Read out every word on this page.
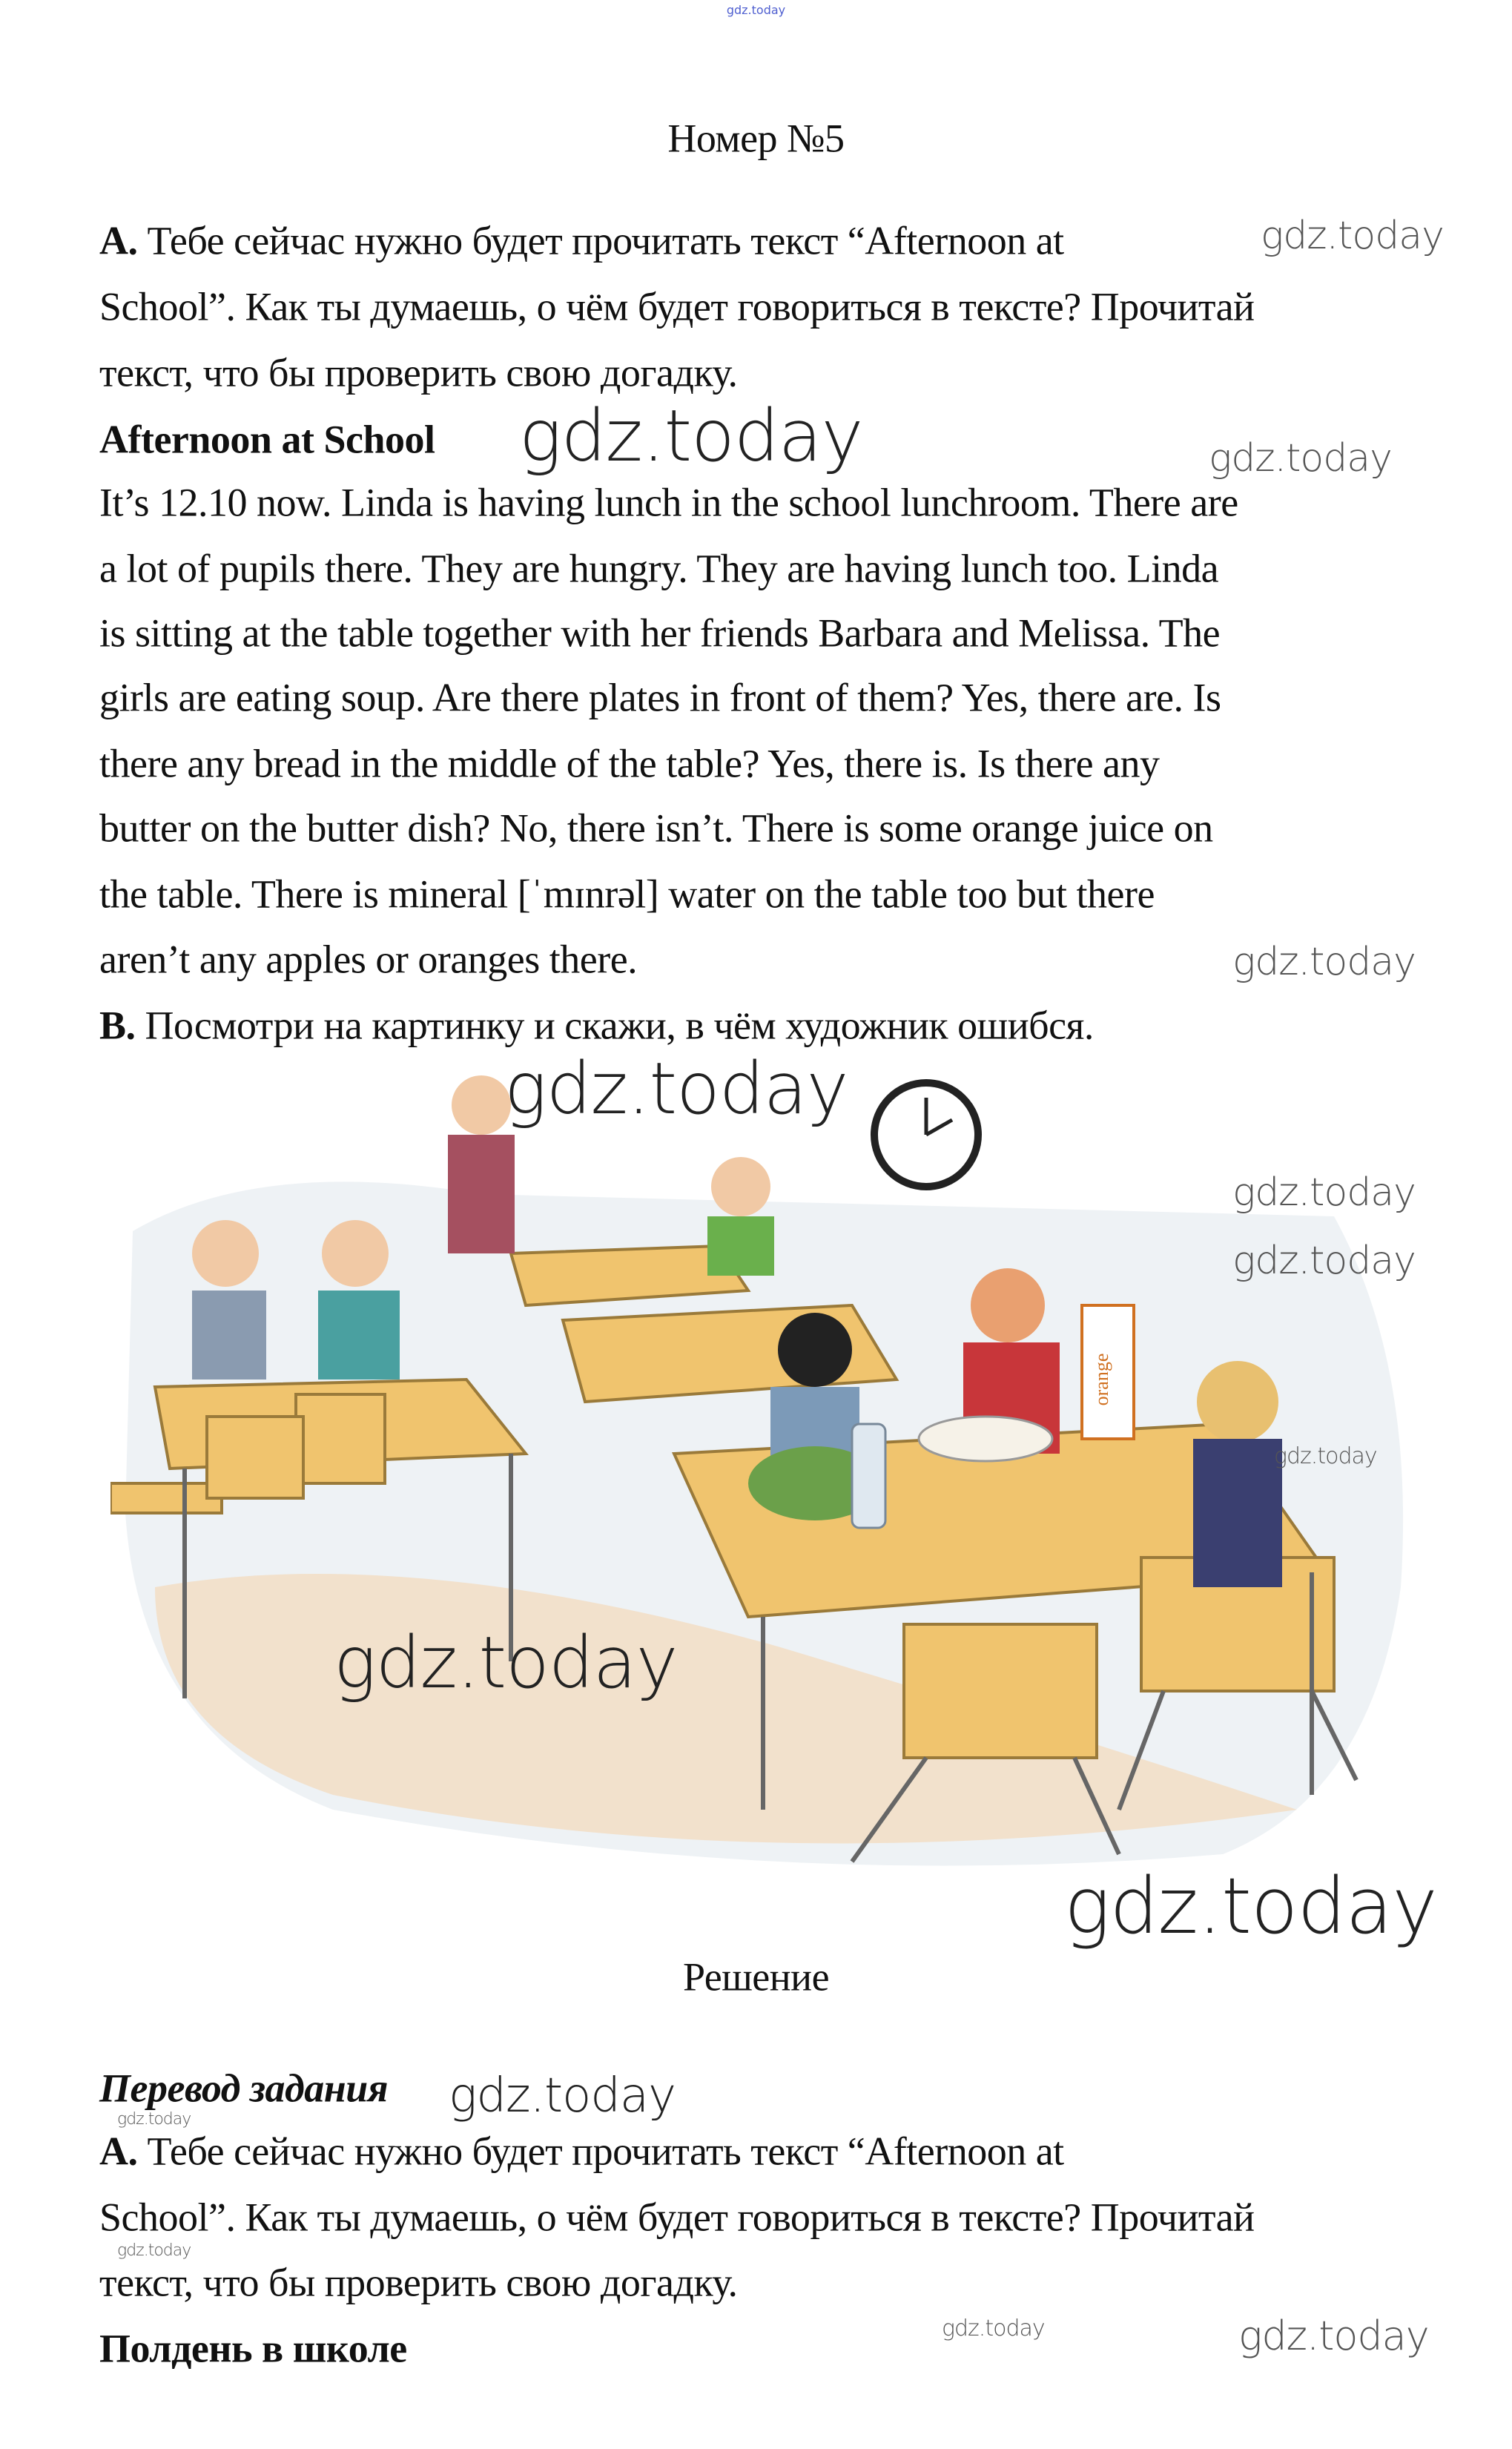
gdz.today
Номер №5
A. Тебе сейчас нужно будет прочитать текст “Afternoon at
School”. Как ты думаешь, о чём будет говориться в тексте? Прочитай
текст, что бы проверить свою догадку.
Afternoon at School
It’s 12.10 now. Linda is having lunch in the school lunchroom. There are
a lot of pupils there. They are hungry. They are having lunch too. Linda
is sitting at the table together with her friends Barbara and Melissa. The
girls are eating soup. Are there plates in front of them? Yes, there are. Is
there any bread in the middle of the table? Yes, there is. Is there any
butter on the butter dish? No, there isn’t. There is some orange juice on
the table. There is mineral [ˈmɪnrəl] water on the table too but there
aren’t any apples or oranges there.
B. Посмотри на картинку и скажи, в чём художник ошибся.
orange
Решение
Перевод задания
A. Тебе сейчас нужно будет прочитать текст “Afternoon at
School”. Как ты думаешь, о чём будет говориться в тексте? Прочитай
текст, что бы проверить свою догадку.
Полдень в школе
gdz.today
gdz.today	gdz.today
gdz.today
gdz.today
gdz.today
gdz.today
gdz.today
gdz.today
gdz.today
gdz.today
gdz.today
gdz.today
gdz.today	gdz.today
